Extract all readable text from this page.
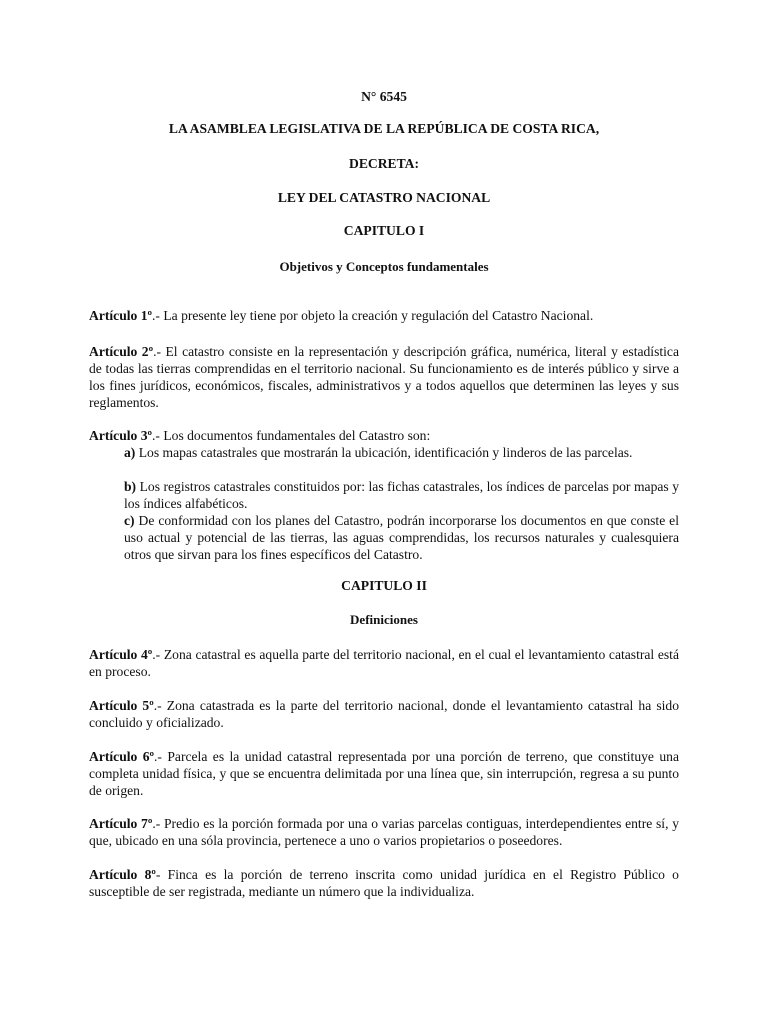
N° 6545
LA ASAMBLEA LEGISLATIVA DE LA REPÚBLICA DE COSTA RICA,
DECRETA:
LEY DEL CATASTRO NACIONAL
CAPITULO I
Objetivos y Conceptos fundamentales

Artículo 1º.- La presente ley tiene por objeto la creación y regulación del Catastro Nacional.

Artículo 2º.- El catastro consiste en la representación y descripción gráfica, numérica, literal y estadística de todas las tierras comprendidas en el territorio nacional. Su funcionamiento es de interés público y sirve a los fines jurídicos, económicos, fiscales, administrativos y a todos aquellos que determinen las leyes y sus reglamentos.

Artículo 3º.- Los documentos fundamentales del Catastro son:

a) Los mapas catastrales que mostrarán la ubicación, identificación y linderos de las parcelas.

b) Los registros catastrales constituidos por: las fichas catastrales, los índices de parcelas por mapas y los índices alfabéticos.

c) De conformidad con los planes del Catastro, podrán incorporarse los documentos en que conste el uso actual y potencial de las tierras, las aguas comprendidas, los recursos naturales y cualesquiera otros que sirvan para los fines específicos del Catastro.

CAPITULO II
Definiciones

Artículo 4º.- Zona catastral es aquella parte del territorio nacional, en el cual el levantamiento catastral está en proceso.

Artículo 5º.- Zona catastrada es la parte del territorio nacional, donde el levantamiento catastral ha sido concluido y oficializado.

Artículo 6º.- Parcela es la unidad catastral representada por una porción de terreno, que constituye una completa unidad física, y que se encuentra delimitada por una línea que, sin interrupción, regresa a su punto de origen.

Artículo 7º.- Predio es la porción formada por una o varias parcelas contiguas, interdependientes entre sí, y que, ubicado en una sóla provincia, pertenece a uno o varios propietarios o poseedores.

Artículo 8º- Finca es la porción de terreno inscrita como unidad jurídica en el Registro Público o susceptible de ser registrada, mediante un número que la individualiza.
